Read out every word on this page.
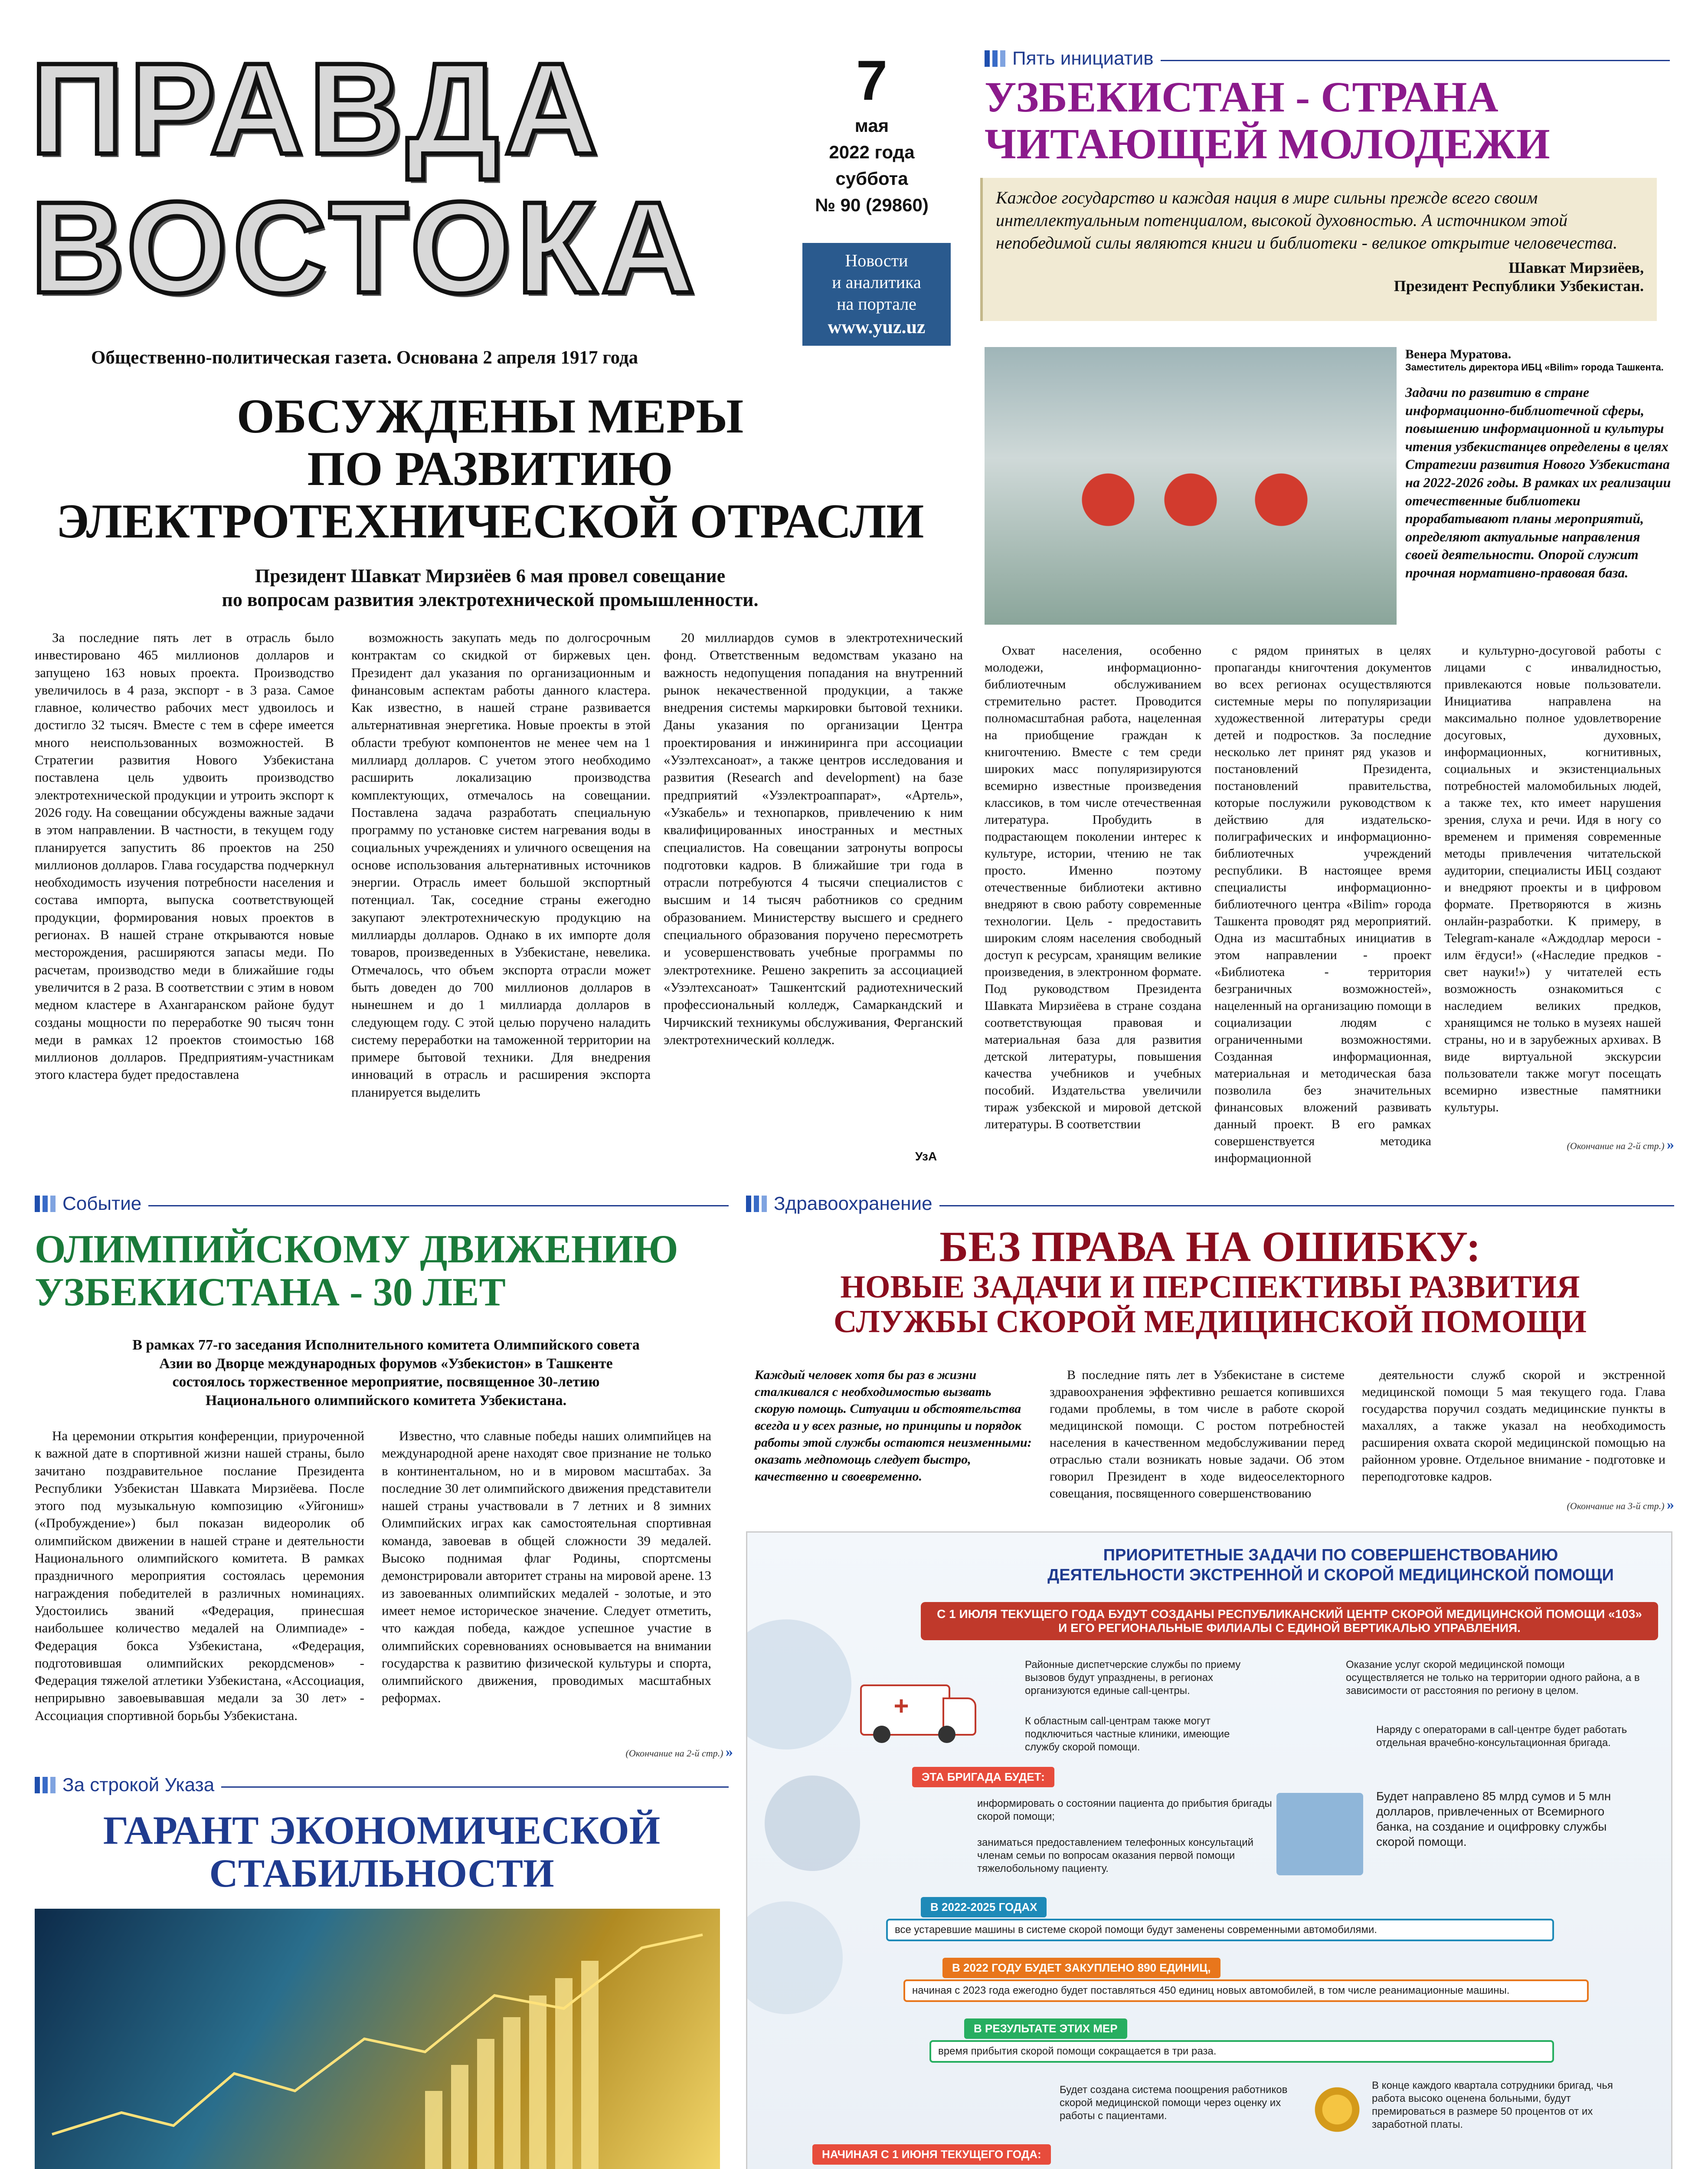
ПРАВДА
ВОСТОКА
Общественно-политическая газета. Основана 2 апреля 1917 года
7
мая
2022 года
суббота
№ 90 (29860)
Новости
и аналитика
на портале
www.yuz.uz
ОБСУЖДЕНЫ МЕРЫ
ПО РАЗВИТИЮ
ЭЛЕКТРОТЕХНИЧЕСКОЙ ОТРАСЛИ
Президент Шавкат Мирзиёев 6 мая провел совещание
по вопросам развития электротехнической промышленности.

За последние пять лет в отрасль было инвестировано 465 миллионов долларов и запущено 163 новых проекта. Производство увеличилось в 4 раза, экспорт - в 3 раза. Самое главное, количество рабочих мест удвоилось и достигло 32 тысяч. Вместе с тем в сфере имеется много неиспользованных возможностей. В Стратегии развития Нового Узбекистана поставлена цель удвоить производство электротехнической продукции и утроить экспорт к 2026 году. На совещании обсуждены важные задачи в этом направлении. В частности, в текущем году планируется запустить 86 проектов на 250 миллионов долларов. Глава государства подчеркнул необходимость изучения потребности населения и состава импорта, выпуска соответствующей продукции, формирования новых проектов в регионах. В нашей стране открываются новые месторождения, расширяются запасы меди. По расчетам, производство меди в ближайшие годы увеличится в 2 раза. В соответствии с этим в новом медном кластере в Ахангаранском районе будут созданы мощности по переработке 90 тысяч тонн меди в рамках 12 проектов стоимостью 168 миллионов долларов. Предприятиям-участникам этого кластера будет предоставлена

возможность закупать медь по долгосрочным контрактам со скидкой от биржевых цен. Президент дал указания по организационным и финансовым аспектам работы данного кластера. Как известно, в нашей стране развивается альтернативная энергетика. Новые проекты в этой области требуют компонентов не менее чем на 1 миллиард долларов. С учетом этого необходимо расширить локализацию производства комплектующих, отмечалось на совещании. Поставлена задача разработать специальную программу по установке систем нагревания воды в социальных учреждениях и уличного освещения на основе использования альтернативных источников энергии. Отрасль имеет большой экспортный потенциал. Так, соседние страны ежегодно закупают электротехническую продукцию на миллиарды долларов. Однако в их импорте доля товаров, произведенных в Узбекистане, невелика. Отмечалось, что объем экспорта отрасли может быть доведен до 700 миллионов долларов в нынешнем и до 1 миллиарда долларов в следующем году. С этой целью поручено наладить систему переработки на таможенной территории на примере бытовой техники. Для внедрения инноваций в отрасль и расширения экспорта планируется выделить

20 миллиардов сумов в электротехнический фонд. Ответственным ведомствам указано на важность недопущения попадания на внутренний рынок некачественной продукции, а также внедрения системы маркировки бытовой техники. Даны указания по организации Центра проектирования и инжиниринга при ассоциации «Узэлтехсаноат», а также центров исследования и развития (Research and development) на базе предприятий «Узэлектроаппарат», «Артель», «Узкабель» и технопарков, привлечению к ним квалифицированных иностранных и местных специалистов. На совещании затронуты вопросы подготовки кадров. В ближайшие три года в отрасли потребуются 4 тысячи специалистов с высшим и 14 тысяч работников со средним образованием. Министерству высшего и среднего специального образования поручено пересмотреть и усовершенствовать учебные программы по электротехнике. Решено закрепить за ассоциацией «Узэлтехсаноат» Ташкентский радиотехнический профессиональный колледж, Самаркандский и Чирчикский техникумы обслуживания, Ферганский электротехнический колледж.

УзА
Пять инициатив
УЗБЕКИСТАН - СТРАНА
ЧИТАЮЩЕЙ МОЛОДЕЖИ
Каждое государство и каждая нация в мире сильны прежде всего своим интеллектуальным потенциалом, высокой духовностью. А источником этой непобедимой силы являются книги и библиотеки - великое открытие человечества.
Шавкат Мирзиёев,
Президент Республики Узбекистан.
Венера Муратова.
Заместитель директора ИБЦ «Bilim» города Ташкента.
Задачи по развитию в стране информационно-библиотечной сферы, повышению информационной и культуры чтения узбекистанцев определены в целях Стратегии развития Нового Узбекистана на 2022-2026 годы. В рамках их реализации отечественные библиотеки прорабатывают планы мероприятий, определяют актуальные направления своей деятельности. Опорой служит прочная нормативно-правовая база.

Охват населения, особенно молодежи, информационно-библиотечным обслуживанием стремительно растет. Проводится полномасштабная работа, нацеленная на приобщение граждан к книгочтению. Вместе с тем среди широких масс популяризируются всемирно известные произведения классиков, в том числе отечественная литература. Пробудить в подрастающем поколении интерес к культуре, истории, чтению не так просто. Именно поэтому отечественные библиотеки активно внедряют в свою работу современные технологии. Цель - предоставить широким слоям населения свободный доступ к ресурсам, хранящим великие произведения, в электронном формате. Под руководством Президента Шавката Мирзиёева в стране создана соответствующая правовая и материальная база для развития детской литературы, повышения качества учебников и учебных пособий. Издательства увеличили тираж узбекской и мировой детской литературы. В соответствии

с рядом принятых в целях пропаганды книгочтения документов во всех регионах осуществляются системные меры по популяризации художественной литературы среди детей и подростков. За последние несколько лет принят ряд указов и постановлений Президента, постановлений правительства, которые послужили руководством к действию для издательско-полиграфических и информационно-библиотечных учреждений республики. В настоящее время специалисты информационно-библиотечного центра «Bilim» города Ташкента проводят ряд мероприятий. Одна из масштабных инициатив в этом направлении - проект «Библиотека - территория безграничных возможностей», нацеленный на организацию помощи в социализации людям с ограниченными возможностями. Созданная информационная, материальная и методическая база позволила без значительных финансовых вложений развивать данный проект. В его рамках совершенствуется методика информационной

и культурно-досуговой работы с лицами с инвалидностью, привлекаются новые пользователи. Инициатива направлена на максимально полное удовлетворение досуговых, духовных, информационных, когнитивных, социальных и экзистенциальных потребностей маломобильных людей, а также тех, кто имеет нарушения зрения, слуха и речи. Идя в ногу со временем и применяя современные методы привлечения читательской аудитории, специалисты ИБЦ создают и внедряют проекты и в цифровом формате. Претворяются в жизнь онлайн-разработки. К примеру, в Telegram-канале «Аждодлар мероси - илм ёғдуси!» («Наследие предков - свет науки!») у читателей есть возможность ознакомиться с наследием великих предков, хранящимся не только в музеях нашей страны, но и в зарубежных архивах. В виде виртуальной экскурсии пользователи также могут посещать всемирно известные памятники культуры.

(Окончание на 2-й стр.) »
Событие
ОЛИМПИЙСКОМУ ДВИЖЕНИЮ
УЗБЕКИСТАНА - 30 ЛЕТ
В рамках 77-го заседания Исполнительного комитета Олимпийского совета Азии во Дворце международных форумов «Узбекистон» в Ташкенте состоялось торжественное мероприятие, посвященное 30-летию Национального олимпийского комитета Узбекистана.

На церемонии открытия конференции, приуроченной к важной дате в спортивной жизни нашей страны, было зачитано поздравительное послание Президента Республики Узбекистан Шавката Мирзиёева. После этого под музыкальную композицию «Уйгониш» («Пробуждение») был показан видеоролик об олимпийском движении в нашей стране и деятельности Национального олимпийского комитета. В рамках праздничного мероприятия состоялась церемония награждения победителей в различных номинациях. Удостоились званий «Федерация, принесшая наибольшее количество медалей на Олимпиаде» - Федерация бокса Узбекистана, «Федерация, подготовившая олимпийских рекордсменов» - Федерация тяжелой атлетики Узбекистана, «Ассоциация, неприрывно завоевывавшая медали за 30 лет» - Ассоциация спортивной борьбы Узбекистана.

Известно, что славные победы наших олимпийцев на международной арене находят свое признание не только в континентальном, но и в мировом масштабах. За последние 30 лет олимпийского движения представители нашей страны участвовали в 7 летних и 8 зимних Олимпийских играх как самостоятельная спортивная команда, завоевав в общей сложности 39 медалей. Высоко поднимая флаг Родины, спортсмены демонстрировали авторитет страны на мировой арене. 13 из завоеванных олимпийских медалей - золотые, и это имеет немое историческое значение. Следует отметить, что каждая победа, каждое успешное участие в олимпийских соревнованиях основывается на внимании государства к развитию физической культуры и спорта, олимпийского движения, проводимых масштабных реформах.

(Окончание на 2-й стр.) »
За строкой Указа
ГАРАНТ ЭКОНОМИЧЕСКОЙ
СТАБИЛЬНОСТИ
Здравоохранение
БЕЗ ПРАВА НА ОШИБКУ:
НОВЫЕ ЗАДАЧИ И ПЕРСПЕКТИВЫ РАЗВИТИЯ
СЛУЖБЫ СКОРОЙ МЕДИЦИНСКОЙ ПОМОЩИ
Каждый человек хотя бы раз в жизни сталкивался с необходимостью вызвать скорую помощь. Ситуации и обстоятельства всегда и у всех разные, но принципы и порядок работы этой службы остаются неизменными: оказать медпомощь следует быстро, качественно и своевременно.

В последние пять лет в Узбекистане в системе здравоохранения эффективно решается копившихся годами проблемы, в том числе в работе скорой медицинской помощи. С ростом потребностей населения в качественном медобслуживании перед отраслью стали возникать новые задачи. Об этом говорил Президент в ходе видеоселекторного совещания, посвященного совершенствованию

деятельности служб скорой и экстренной медицинской помощи 5 мая текущего года. Глава государства поручил создать медицинские пункты в махаллях, а также указал на необходимость расширения охвата скорой медицинской помощью на районном уровне. Отдельное внимание - подготовке и переподготовке кадров.

(Окончание на 3-й стр.) »
ПРИОРИТЕТНЫЕ ЗАДАЧИ ПО СОВЕРШЕНСТВОВАНИЮ
ДЕЯТЕЛЬНОСТИ ЭКСТРЕННОЙ И СКОРОЙ МЕДИЦИНСКОЙ ПОМОЩИ
С 1 ИЮЛЯ ТЕКУЩЕГО ГОДА БУДУТ СОЗДАНЫ РЕСПУБЛИКАНСКИЙ ЦЕНТР СКОРОЙ МЕДИЦИНСКОЙ ПОМОЩИ «103» И ЕГО РЕГИОНАЛЬНЫЕ ФИЛИАЛЫ С ЕДИНОЙ ВЕРТИКАЛЬЮ УПРАВЛЕНИЯ.
+
Районные диспетчерские службы по приему вызовов будут упразднены, в регионах организуются единые call-центры.
Оказание услуг скорой медицинской помощи осуществляется не только на территории одного района, а в зависимости от расстояния по региону в целом.
К областным call-центрам также могут подключиться частные клиники, имеющие службу скорой помощи.
Наряду с операторами в call-центре будет работать отдельная врачебно-консультационная бригада.
ЭТА БРИГАДА БУДЕТ:
информировать о состоянии пациента до прибытия бригады скорой помощи;
заниматься предоставлением телефонных консультаций членам семьи по вопросам оказания первой помощи тяжелобольному пациенту.
Будет направлено 85 млрд сумов и 5 млн долларов, привлеченных от Всемирного банка, на создание и оцифровку службы скорой помощи.
В 2022-2025 ГОДАХ
все устаревшие машины в системе скорой помощи будут заменены современными автомобилями.
В 2022 ГОДУ БУДЕТ ЗАКУПЛЕНО 890 ЕДИНИЦ,
начиная с 2023 года ежегодно будет поставляться 450 единиц новых автомобилей, в том числе реанимационные машины.
В РЕЗУЛЬТАТЕ ЭТИХ МЕР
время прибытия скорой помощи сокращается в три раза.
Будет создана система поощрения работников скорой медицинской помощи через оценку их работы с пациентами.
В конце каждого квартала сотрудники бригад, чья работа высоко оценена больными, будут премироваться в размере 50 процентов от их заработной платы.
НАЧИНАЯ С 1 ИЮНЯ ТЕКУЩЕГО ГОДА:
